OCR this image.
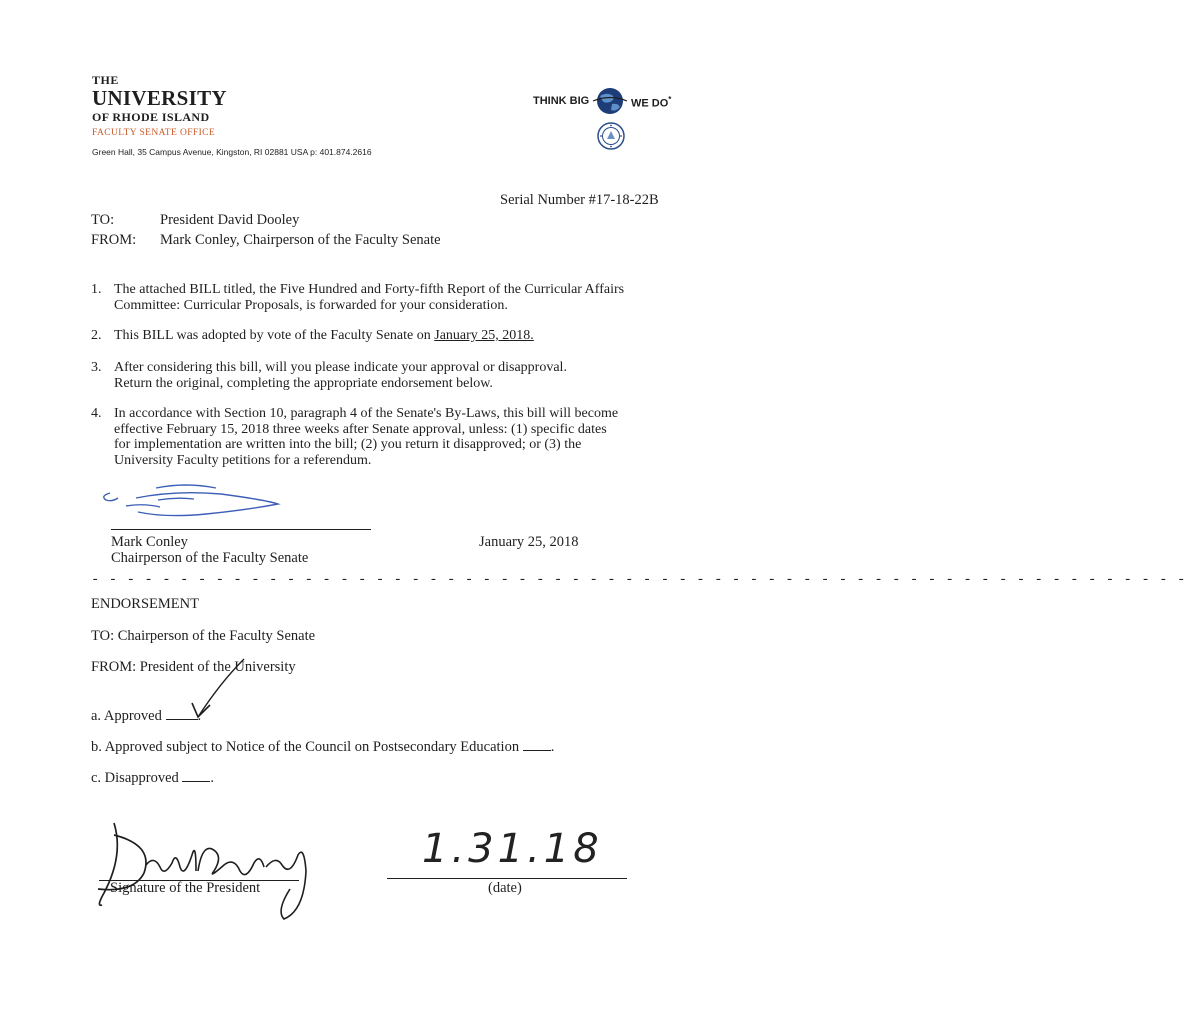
THE
UNIVERSITY
OF RHODE ISLAND
FACULTY SENATE OFFICE
Green Hall, 35 Campus Avenue, Kingston, RI 02881 USA p: 401.874.2616
THINK BIG	WE DO*
Serial Number #17-18-22B
TO:	President David Dooley
FROM: Mark Conley, Chairperson of the Faculty Senate
1. The attached BILL titled, the Five Hundred and Forty-fifth Report of the Curricular Affairs
Committee: Curricular Proposals, is forwarded for your consideration.
2. This BILL was adopted by vote of the Faculty Senate on January 25, 2018.
3. After considering this bill, will you please indicate your approval or disapproval.
Return the original, completing the appropriate endorsement below.
4. In accordance with Section 10, paragraph 4 of the Senate's By-Laws, this bill will become
effective February 15, 2018 three weeks after Senate approval, unless: (1) specific dates
for implementation are written into the bill; (2) you return it disapproved; or (3) the
University Faculty petitions for a referendum.
Mark Conley
Chairperson of the Faculty Senate
January 25, 2018
- - - - - - - - - - - - - - - - - - - - - - - - - - - - - - - - - - - - - - - - - - - - - - - - - - - - - - - - - - - - - -
ENDORSEMENT
TO: Chairperson of the Faculty Senate
FROM: President of the University
a. Approved .
b. Approved subject to Notice of the Council on Postsecondary Education .
c. Disapproved .
Signature of the President
1.31.18
(date)
